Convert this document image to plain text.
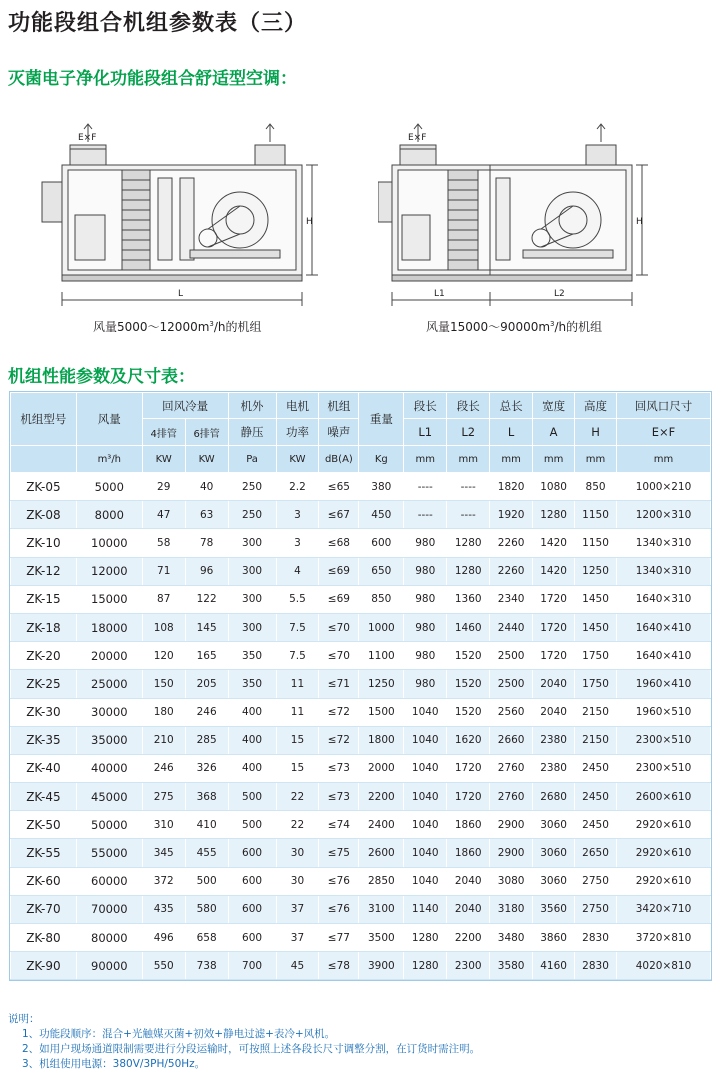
功能段组合机组参数表（三）
灭菌电子净化功能段组合舒适型空调：
E×F
H
L
风量$5000\sim 12000m^3/h$的机组
E×F
H
L1	L2
风量$15000\sim 90000m^3/h$的机组
机组性能参数及尺寸表：
机组型号	风量	回风冷量		机外	电机	机组	重量	段长	段长	总长	宽度	高度	回风口尺寸
		4排管	6排管	静压	功率	噪声		L1	L2	L	A	H	E×F
	m³/h	KW	KW	Pa	KW	dB(A)	Kg	mm	mm	mm	mm	mm	mm
ZK-05	5000	29	40	250	2.2	≤65	380	----	----	1820	1080	850	1000×210
ZK-08	8000	47	63	250	3	≤67	450	----	----	1920	1280	1150	1200×310
ZK-10	10000	58	78	300	3	≤68	600	980	1280	2260	1420	1150	1340×310
ZK-12	12000	71	96	300	4	≤69	650	980	1280	2260	1420	1250	1340×310
ZK-15	15000	87	122	300	5.5	≤69	850	980	1360	2340	1720	1450	1640×310
ZK-18	18000	108	145	300	7.5	≤70	1000	980	1460	2440	1720	1450	1640×410
ZK-20	20000	120	165	350	7.5	≤70	1100	980	1520	2500	1720	1750	1640×410
ZK-25	25000	150	205	350	11	≤71	1250	980	1520	2500	2040	1750	1960×410
ZK-30	30000	180	246	400	11	≤72	1500	1040	1520	2560	2040	2150	1960×510
ZK-35	35000	210	285	400	15	≤72	1800	1040	1620	2660	2380	2150	2300×510
ZK-40	40000	246	326	400	15	≤73	2000	1040	1720	2760	2380	2450	2300×510
ZK-45	45000	275	368	500	22	≤73	2200	1040	1720	2760	2680	2450	2600×610
ZK-50	50000	310	410	500	22	≤74	2400	1040	1860	2900	3060	2450	2920×610
ZK-55	55000	345	455	600	30	≤75	2600	1040	1860	2900	3060	2650	2920×610
ZK-60	60000	372	500	600	30	≤76	2850	1040	2040	3080	3060	2750	2920×610
ZK-70	70000	435	580	600	37	≤76	3100	1140	2040	3180	3560	2750	3420×710
ZK-80	80000	496	658	600	37	≤77	3500	1280	2200	3480	3860	2830	3720×810
ZK-90	90000	550	738	700	45	≤78	3900	1280	2300	3580	4160	2830	4020×810
说明：
1、功能段顺序：混合+光触媒灭菌+初效+静电过滤+表冷+风机。
2、如用户现场通道限制需要进行分段运输时，可按照上述各段长尺寸调整分割，在订货时需注明。
3、机组使用电源：380V/3PH/50Hz。
